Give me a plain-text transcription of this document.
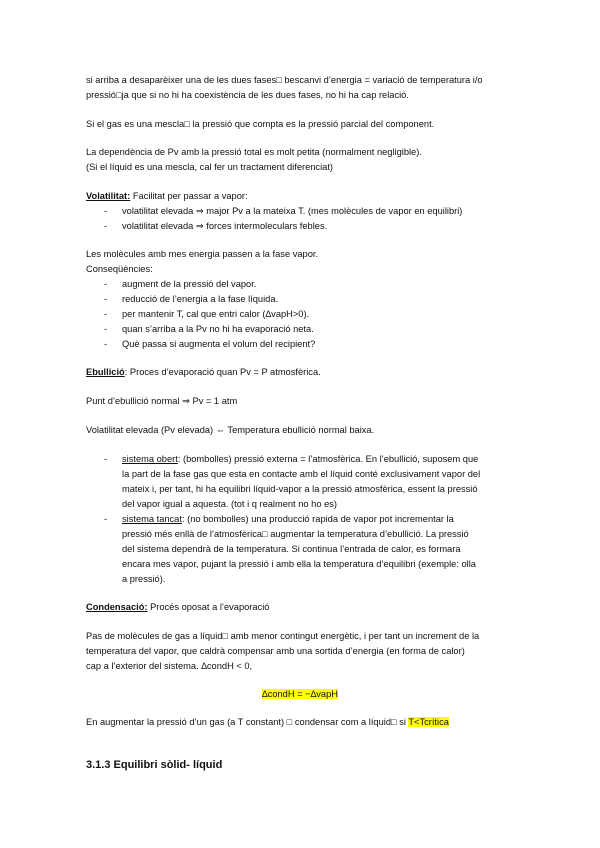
si arriba a desaparèixer una de les dues fases□ bescanvi d’energia = variació de temperatura i/o
pressió□ja que si no hi ha coexistència de les dues fases, no hi ha cap relació.
Si el gas es una mescla□ la pressió que compta es la pressió parcial del component.
La dependència de Pv amb la pressió total es molt petita (normalment negligible).
(Si el líquid es una mescla, cal fer un tractament diferenciat)
Volatilitat: Facilitat per passar a vapor:
- volatilitat elevada ⇒ major Pv a la mateixa T. (mes molècules de vapor en equilibri)
- volatilitat elevada ⇒ forces intermoleculars febles.
Les molècules amb mes energia passen a la fase vapor.
Conseqüències:
- augment de la pressió del vapor.
- reducció de l’energia a la fase líquida.
- per mantenir T, cal que entri calor (∆vapH>0).
- quan s’arriba a la Pv no hi ha evaporació neta.
- Què passa si augmenta el volum del recipient?
Ebullició: Proces d’evaporació quan Pv = P atmosfèrica.
Punt d’ebullició normal ⇒ Pv = 1 atm
Volatilitat elevada (Pv elevada) ⇔ Temperatura ebullició normal baixa.
- sistema obert: (bombolles) pressió externa = l’atmosfèrica. En l’ebullició, suposem que
la part de la fase gas que esta en contacte amb el líquid conté exclusivament vapor del
mateix i, per tant, hi ha equilibri líquid-vapor a la pressió atmosfèrica, essent la pressió
del vapor igual a aquesta. (tot i q realment no ho es)
- sistema tancat: (no bombolles) una producció rapida de vapor pot incrementar la
pressió més enllà de l’atmosfèrica□ augmentar la temperatura d’ebullició. La pressió
del sistema dependrà de la temperatura. Si continua l’entrada de calor, es formara
encara mes vapor, pujant la pressió i amb ella la temperatura d’equilibri (exemple: olla
a pressió).
Condensació: Procés oposat a l’evaporació
Pas de molècules de gas a líquid□ amb menor contingut energètic, i per tant un increment de la
temperatura del vapor, que caldrà compensar amb una sortida d’energia (en forma de calor)
cap a l’exterior del sistema. ∆condH < 0,
∆condH = −∆vapH
En augmentar la pressió d’un gas (a T constant) □ condensar com a líquid□ si T<Tcrítica
3.1.3 Equilibri sòlid- líquid
